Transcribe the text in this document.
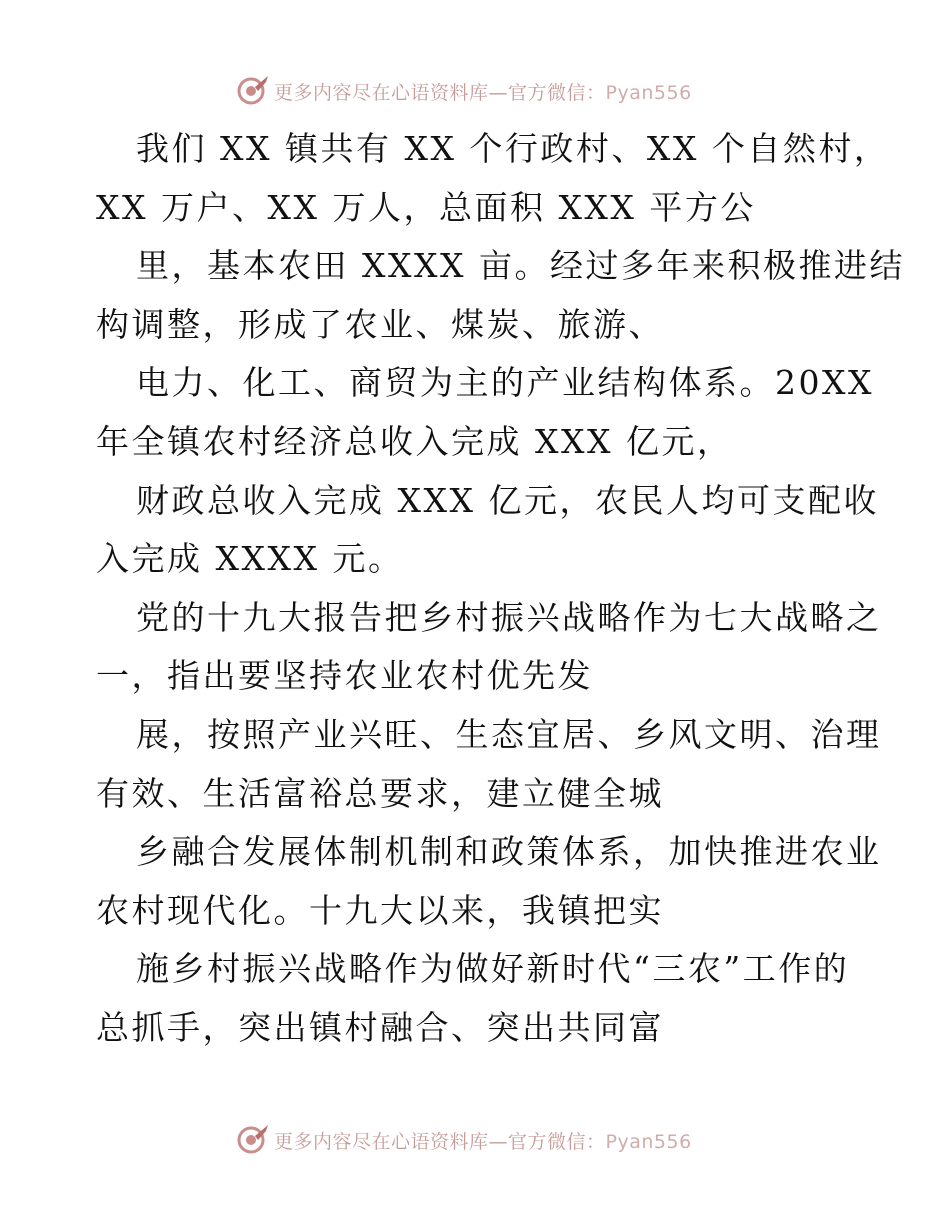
更多内容尽在心语资料库—官方微信：Pyan556
我们 XX 镇共有 XX 个行政村、XX 个自然村，
XX 万户、XX 万人，总面积 XXX 平方公
里，基本农田 XXXX 亩。经过多年来积极推进结
构调整，形成了农业、煤炭、旅游、
电力、化工、商贸为主的产业结构体系。20XX
年全镇农村经济总收入完成 XXX 亿元，
财政总收入完成 XXX 亿元，农民人均可支配收
入完成 XXXX 元。
党的十九大报告把乡村振兴战略作为七大战略之
一，指出要坚持农业农村优先发
展，按照产业兴旺、生态宜居、乡风文明、治理
有效、生活富裕总要求，建立健全城
乡融合发展体制机制和政策体系，加快推进农业
农村现代化。十九大以来，我镇把实
施乡村振兴战略作为做好新时代“三农”工作的
总抓手，突出镇村融合、突出共同富
更多内容尽在心语资料库—官方微信：Pyan556
